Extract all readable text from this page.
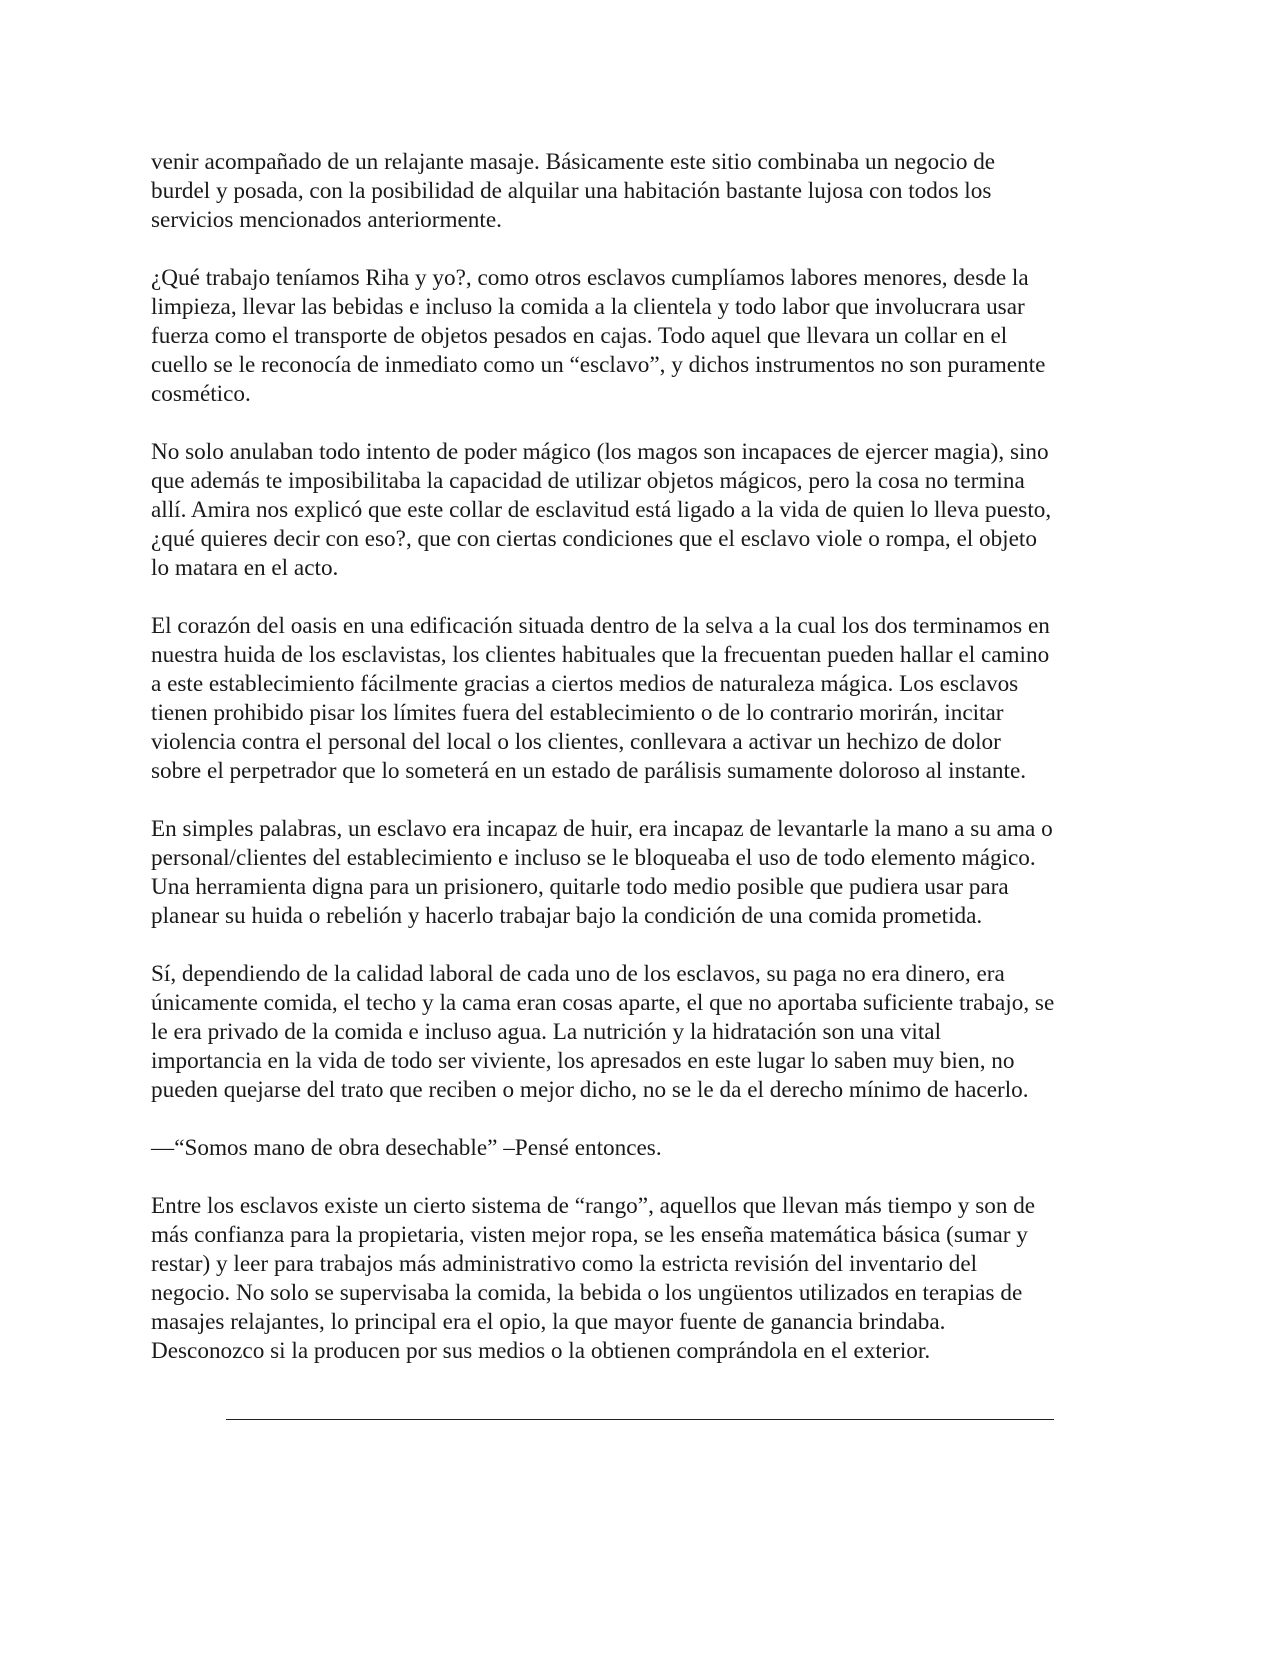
venir acompañado de un relajante masaje. Básicamente este sitio combinaba un negocio de
burdel y posada, con la posibilidad de alquilar una habitación bastante lujosa con todos los
servicios mencionados anteriormente.

¿Qué trabajo teníamos Riha y yo?, como otros esclavos cumplíamos labores menores, desde la
limpieza, llevar las bebidas e incluso la comida a la clientela y todo labor que involucrara usar
fuerza como el transporte de objetos pesados en cajas. Todo aquel que llevara un collar en el
cuello se le reconocía de inmediato como un “esclavo”, y dichos instrumentos no son puramente
cosmético.

No solo anulaban todo intento de poder mágico (los magos son incapaces de ejercer magia), sino
que además te imposibilitaba la capacidad de utilizar objetos mágicos, pero la cosa no termina
allí. Amira nos explicó que este collar de esclavitud está ligado a la vida de quien lo lleva puesto,
¿qué quieres decir con eso?, que con ciertas condiciones que el esclavo viole o rompa, el objeto
lo matara en el acto.

El corazón del oasis en una edificación situada dentro de la selva a la cual los dos terminamos en
nuestra huida de los esclavistas, los clientes habituales que la frecuentan pueden hallar el camino
a este establecimiento fácilmente gracias a ciertos medios de naturaleza mágica. Los esclavos
tienen prohibido pisar los límites fuera del establecimiento o de lo contrario morirán, incitar
violencia contra el personal del local o los clientes, conllevara a activar un hechizo de dolor
sobre el perpetrador que lo someterá en un estado de parálisis sumamente doloroso al instante.

En simples palabras, un esclavo era incapaz de huir, era incapaz de levantarle la mano a su ama o
personal/clientes del establecimiento e incluso se le bloqueaba el uso de todo elemento mágico.
Una herramienta digna para un prisionero, quitarle todo medio posible que pudiera usar para
planear su huida o rebelión y hacerlo trabajar bajo la condición de una comida prometida.

Sí, dependiendo de la calidad laboral de cada uno de los esclavos, su paga no era dinero, era
únicamente comida, el techo y la cama eran cosas aparte, el que no aportaba suficiente trabajo, se
le era privado de la comida e incluso agua. La nutrición y la hidratación son una vital
importancia en la vida de todo ser viviente, los apresados en este lugar lo saben muy bien, no
pueden quejarse del trato que reciben o mejor dicho, no se le da el derecho mínimo de hacerlo.

—“Somos mano de obra desechable” –Pensé entonces.

Entre los esclavos existe un cierto sistema de “rango”, aquellos que llevan más tiempo y son de
más confianza para la propietaria, visten mejor ropa, se les enseña matemática básica (sumar y
restar) y leer para trabajos más administrativo como la estricta revisión del inventario del
negocio. No solo se supervisaba la comida, la bebida o los ungüentos utilizados en terapias de
masajes relajantes, lo principal era el opio, la que mayor fuente de ganancia brindaba.
Desconozco si la producen por sus medios o la obtienen comprándola en el exterior.
